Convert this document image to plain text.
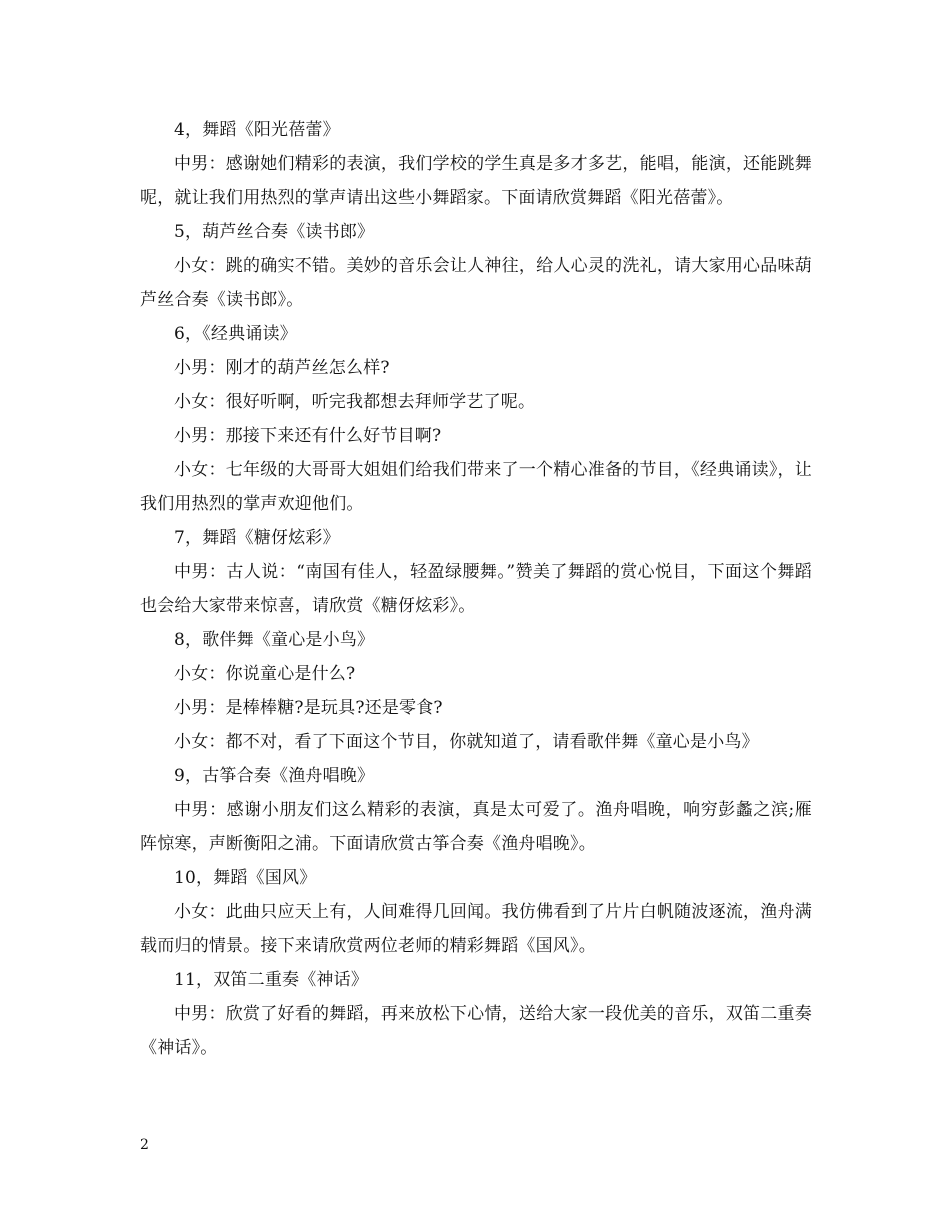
4，舞蹈《阳光蓓蕾》

中男：感谢她们精彩的表演，我们学校的学生真是多才多艺，能唱，能演，还能跳舞呢，就让我们用热烈的掌声请出这些小舞蹈家。下面请欣赏舞蹈《阳光蓓蕾》。

5，葫芦丝合奏《读书郎》

小女：跳的确实不错。美妙的音乐会让人神往，给人心灵的洗礼，请大家用心品味葫芦丝合奏《读书郎》。

6，《经典诵读》

小男：刚才的葫芦丝怎么样?

小女：很好听啊，听完我都想去拜师学艺了呢。

小男：那接下来还有什么好节目啊?

小女：七年级的大哥哥大姐姐们给我们带来了一个精心准备的节目，《经典诵读》，让我们用热烈的掌声欢迎他们。

7，舞蹈《糖伢炫彩》

中男：古人说：“南国有佳人，轻盈绿腰舞。”赞美了舞蹈的赏心悦目，下面这个舞蹈也会给大家带来惊喜，请欣赏《糖伢炫彩》。

8，歌伴舞《童心是小鸟》

小女：你说童心是什么?

小男：是棒棒糖?是玩具?还是零食?

小女：都不对，看了下面这个节目，你就知道了，请看歌伴舞《童心是小鸟》

9，古筝合奏《渔舟唱晚》

中男：感谢小朋友们这么精彩的表演，真是太可爱了。渔舟唱晚，响穷彭蠡之滨;雁阵惊寒，声断衡阳之浦。下面请欣赏古筝合奏《渔舟唱晚》。

10，舞蹈《国风》

小女：此曲只应天上有，人间难得几回闻。我仿佛看到了片片白帆随波逐流，渔舟满载而归的情景。接下来请欣赏两位老师的精彩舞蹈《国风》。

11，双笛二重奏《神话》

中男：欣赏了好看的舞蹈，再来放松下心情，送给大家一段优美的音乐，双笛二重奏《神话》。

2
